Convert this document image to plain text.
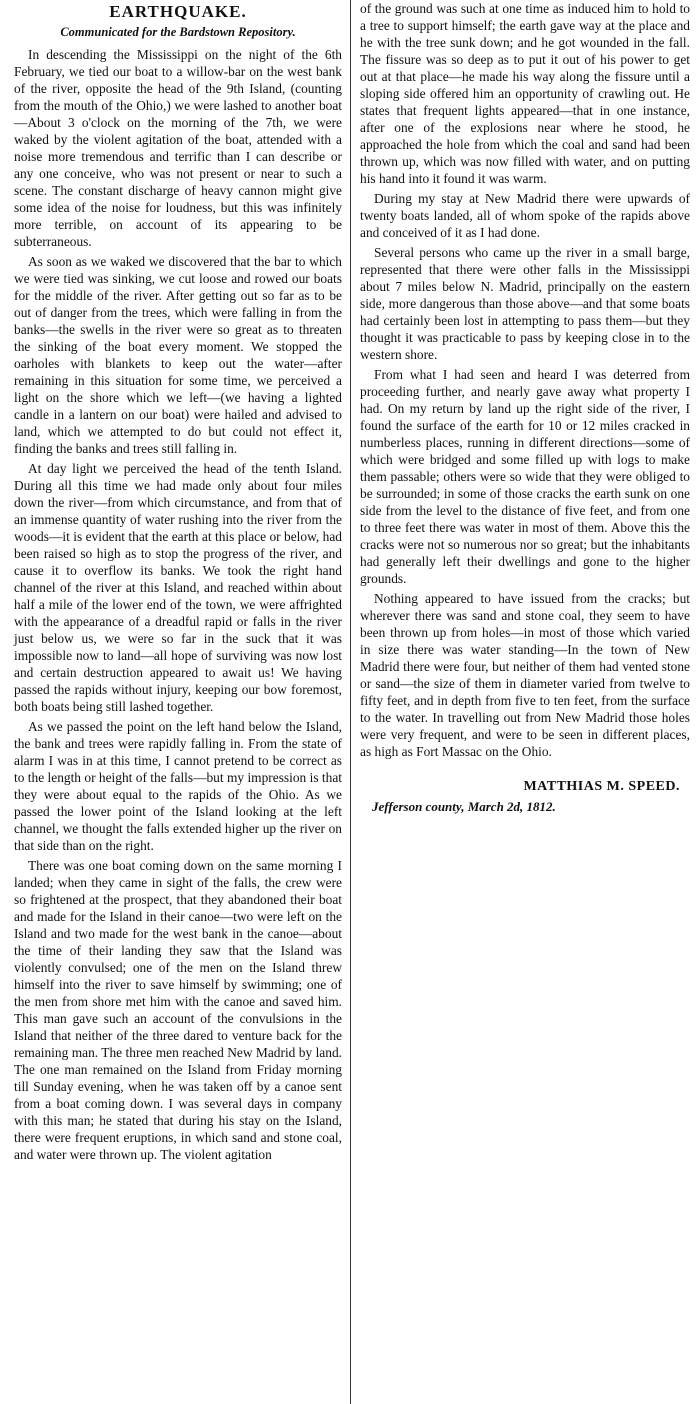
EARTHQUAKE.
Communicated for the Bardstown Repository.

In descending the Mississippi on the night of the 6th February, we tied our boat to a willow-bar on the west bank of the river, opposite the head of the 9th Island, (counting from the mouth of the Ohio,) we were lashed to another boat—About 3 o'clock on the morning of the 7th, we were waked by the violent agitation of the boat, attended with a noise more tremendous and terrific than I can describe or any one conceive, who was not present or near to such a scene. The constant discharge of heavy cannon might give some idea of the noise for loudness, but this was infinitely more terrible, on account of its appearing to be subterraneous.

As soon as we waked we discovered that the bar to which we were tied was sinking, we cut loose and rowed our boats for the middle of the river. After getting out so far as to be out of danger from the trees, which were falling in from the banks—the swells in the river were so great as to threaten the sinking of the boat every moment. We stopped the oarholes with blankets to keep out the water—after remaining in this situation for some time, we perceived a light on the shore which we left—(we having a lighted candle in a lantern on our boat) were hailed and advised to land, which we attempted to do but could not effect it, finding the banks and trees still falling in.

At day light we perceived the head of the tenth Island. During all this time we had made only about four miles down the river—from which circumstance, and from that of an immense quantity of water rushing into the river from the woods—it is evident that the earth at this place or below, had been raised so high as to stop the progress of the river, and cause it to overflow its banks. We took the right hand channel of the river at this Island, and reached within about half a mile of the lower end of the town, we were affrighted with the appearance of a dreadful rapid or falls in the river just below us, we were so far in the suck that it was impossible now to land—all hope of surviving was now lost and certain destruction appeared to await us! We having passed the rapids without injury, keeping our bow foremost, both boats being still lashed together.

As we passed the point on the left hand below the Island, the bank and trees were rapidly falling in. From the state of alarm I was in at this time, I cannot pretend to be correct as to the length or height of the falls—but my impression is that they were about equal to the rapids of the Ohio. As we passed the lower point of the Island looking at the left channel, we thought the falls extended higher up the river on that side than on the right.

There was one boat coming down on the same morning I landed; when they came in sight of the falls, the crew were so frightened at the prospect, that they abandoned their boat and made for the Island in their canoe—two were left on the Island and two made for the west bank in the canoe—about the time of their landing they saw that the Island was violently convulsed; one of the men on the Island threw himself into the river to save himself by swimming; one of the men from shore met him with the canoe and saved him. This man gave such an account of the convulsions in the Island that neither of the three dared to venture back for the remaining man. The three men reached New Madrid by land. The one man remained on the Island from Friday morning till Sunday evening, when he was taken off by a canoe sent from a boat coming down. I was several days in company with this man; he stated that during his stay on the Island, there were frequent eruptions, in which sand and stone coal, and water were thrown up. The violent agitation

of the ground was such at one time as induced him to hold to a tree to support himself; the earth gave way at the place and he with the tree sunk down; and he got wounded in the fall. The fissure was so deep as to put it out of his power to get out at that place—he made his way along the fissure until a sloping side offered him an opportunity of crawling out. He states that frequent lights appeared—that in one instance, after one of the explosions near where he stood, he approached the hole from which the coal and sand had been thrown up, which was now filled with water, and on putting his hand into it found it was warm.

During my stay at New Madrid there were upwards of twenty boats landed, all of whom spoke of the rapids above and conceived of it as I had done.

Several persons who came up the river in a small barge, represented that there were other falls in the Mississippi about 7 miles below N. Madrid, principally on the eastern side, more dangerous than those above—and that some boats had certainly been lost in attempting to pass them—but they thought it was practicable to pass by keeping close in to the western shore.

From what I had seen and heard I was deterred from proceeding further, and nearly gave away what property I had. On my return by land up the right side of the river, I found the surface of the earth for 10 or 12 miles cracked in numberless places, running in different directions—some of which were bridged and some filled up with logs to make them passable; others were so wide that they were obliged to be surrounded; in some of those cracks the earth sunk on one side from the level to the distance of five feet, and from one to three feet there was water in most of them. Above this the cracks were not so numerous nor so great; but the inhabitants had generally left their dwellings and gone to the higher grounds.

Nothing appeared to have issued from the cracks; but wherever there was sand and stone coal, they seem to have been thrown up from holes—in most of those which varied in size there was water standing—In the town of New Madrid there were four, but neither of them had vented stone or sand—the size of them in diameter varied from twelve to fifty feet, and in depth from five to ten feet, from the surface to the water. In travelling out from New Madrid those holes were very frequent, and were to be seen in different places, as high as Fort Massac on the Ohio.

MATTHIAS M. SPEED.
Jefferson county, March 2d, 1812.
